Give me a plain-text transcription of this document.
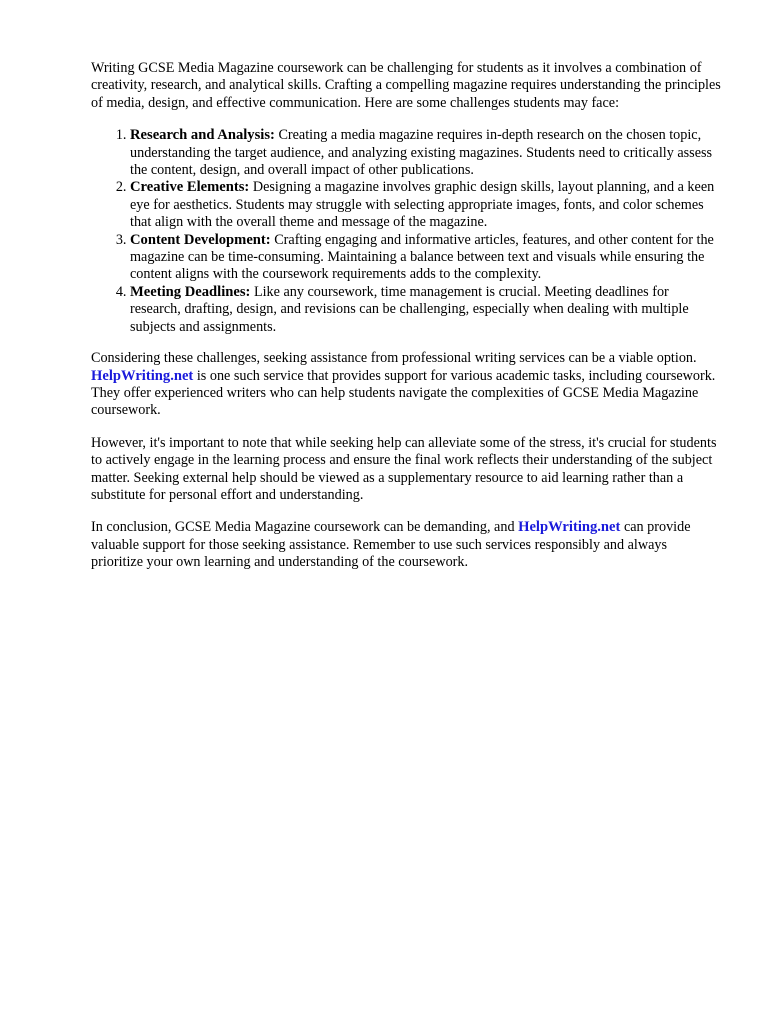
Writing GCSE Media Magazine coursework can be challenging for students as it involves a combination of creativity, research, and analytical skills. Crafting a compelling magazine requires understanding the principles of media, design, and effective communication. Here are some challenges students may face:

1. Research and Analysis: Creating a media magazine requires in-depth research on the chosen topic, understanding the target audience, and analyzing existing magazines. Students need to critically assess the content, design, and overall impact of other publications.
2. Creative Elements: Designing a magazine involves graphic design skills, layout planning, and a keen eye for aesthetics. Students may struggle with selecting appropriate images, fonts, and color schemes that align with the overall theme and message of the magazine.
3. Content Development: Crafting engaging and informative articles, features, and other content for the magazine can be time-consuming. Maintaining a balance between text and visuals while ensuring the content aligns with the coursework requirements adds to the complexity.
4. Meeting Deadlines: Like any coursework, time management is crucial. Meeting deadlines for research, drafting, design, and revisions can be challenging, especially when dealing with multiple subjects and assignments.

Considering these challenges, seeking assistance from professional writing services can be a viable option. HelpWriting.net is one such service that provides support for various academic tasks, including coursework. They offer experienced writers who can help students navigate the complexities of GCSE Media Magazine coursework.

However, it's important to note that while seeking help can alleviate some of the stress, it's crucial for students to actively engage in the learning process and ensure the final work reflects their understanding of the subject matter. Seeking external help should be viewed as a supplementary resource to aid learning rather than a substitute for personal effort and understanding.

In conclusion, GCSE Media Magazine coursework can be demanding, and HelpWriting.net can provide valuable support for those seeking assistance. Remember to use such services responsibly and always prioritize your own learning and understanding of the coursework.
